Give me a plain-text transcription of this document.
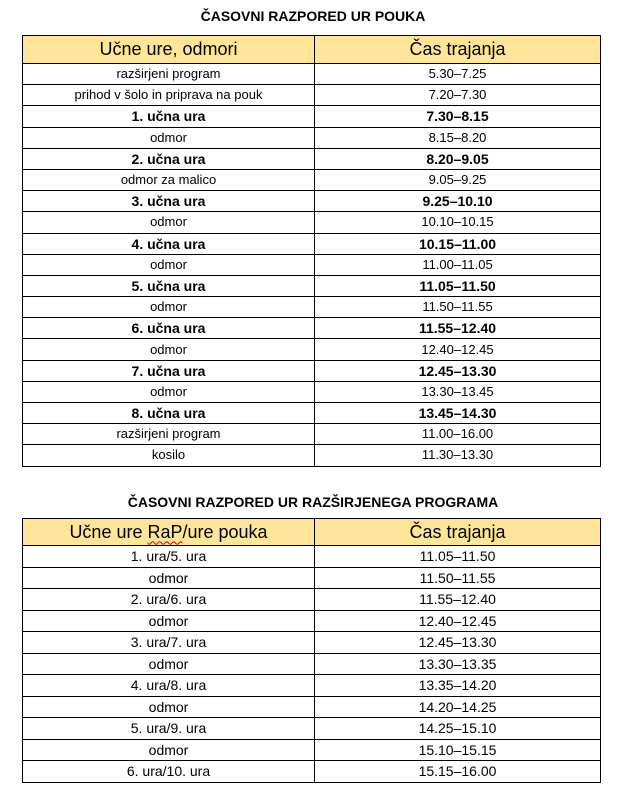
ČASOVNI RAZPORED UR POUKA
Učne ure, odmori	Čas trajanja
razširjeni program	5.30–7.25
prihod v šolo in priprava na pouk	7.20–7.30
1. učna ura	7.30–8.15
odmor	8.15–8.20
2. učna ura	8.20–9.05
odmor za malico	9.05–9.25
3. učna ura	9.25–10.10
odmor	10.10–10.15
4. učna ura	10.15–11.00
odmor	11.00–11.05
5. učna ura	11.05–11.50
odmor	11.50–11.55
6. učna ura	11.55–12.40
odmor	12.40–12.45
7. učna ura	12.45–13.30
odmor	13.30–13.45
8. učna ura	13.45–14.30
razširjeni program	11.00–16.00
kosilo	11.30–13.30
ČASOVNI RAZPORED UR RAZŠIRJENEGA PROGRAMA
Učne ure RaP/ure pouka	Čas trajanja
1. ura/5. ura	11.05–11.50
odmor	11.50–11.55
2. ura/6. ura	11.55–12.40
odmor	12.40–12.45
3. ura/7. ura	12.45–13.30
odmor	13.30–13.35
4. ura/8. ura	13.35–14.20
odmor	14.20–14.25
5. ura/9. ura	14.25–15.10
odmor	15.10–15.15
6. ura/10. ura	15.15–16.00
